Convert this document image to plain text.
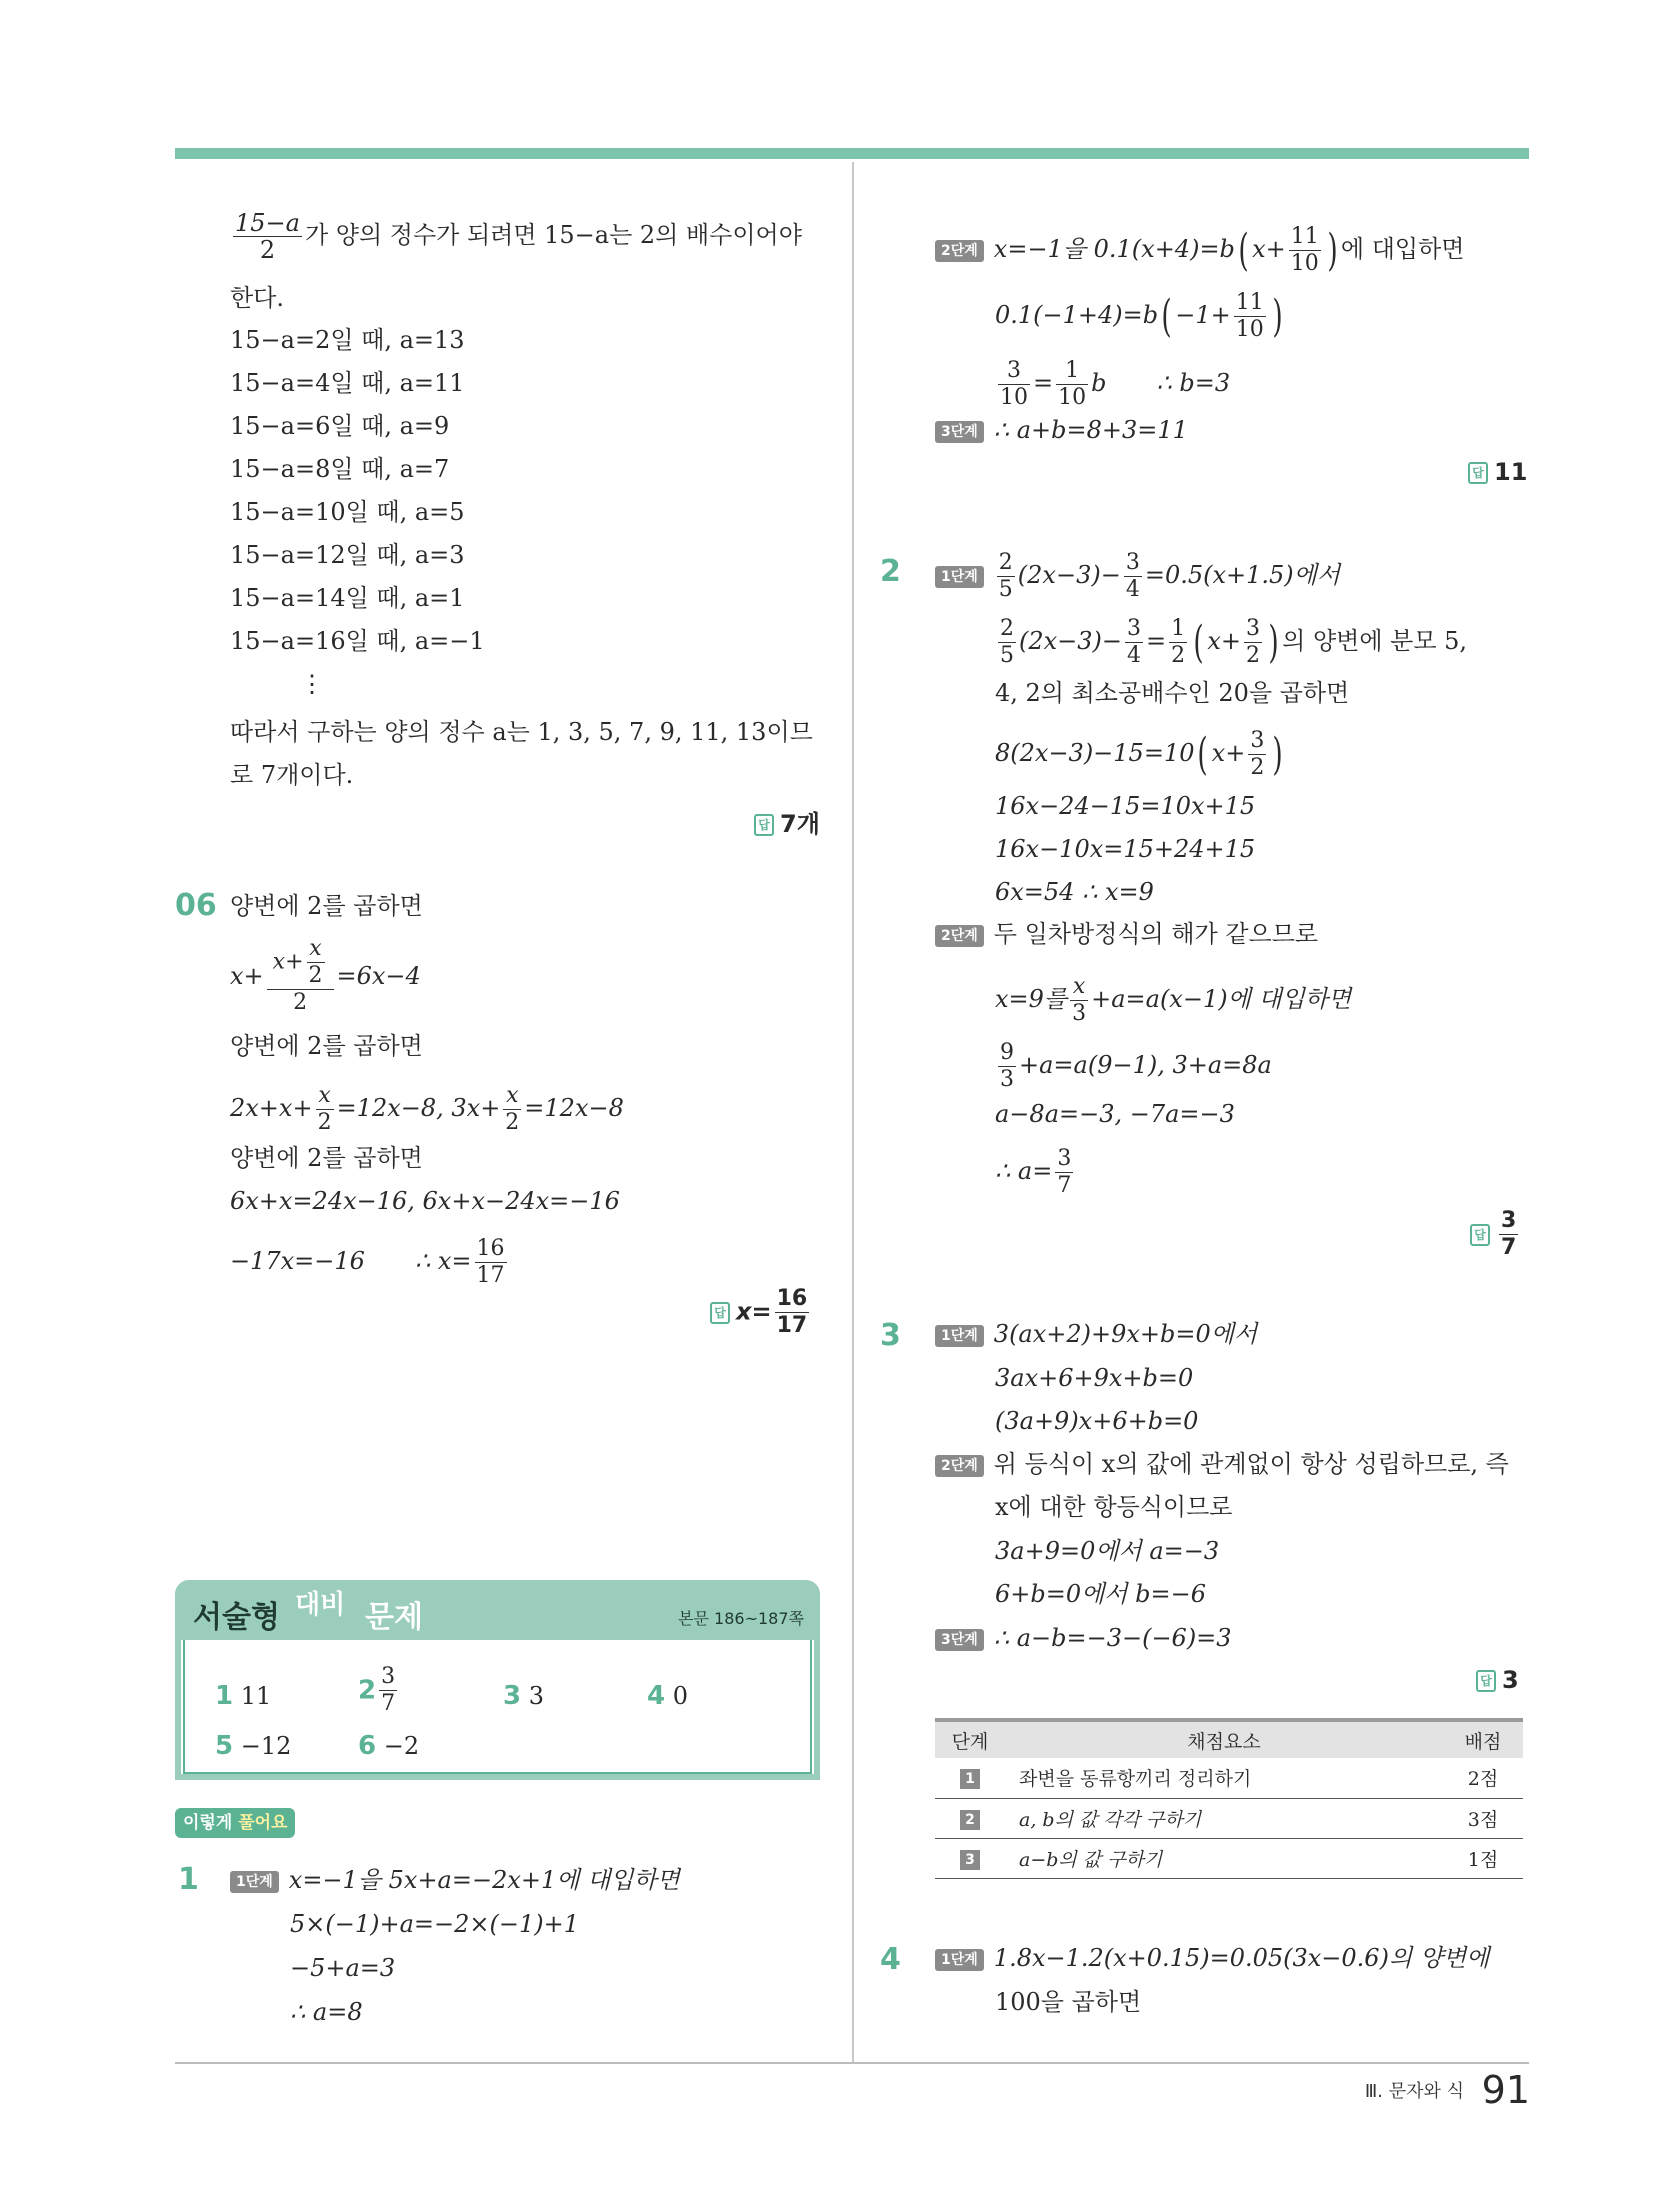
$\frac{15-a}{2}$ 가 양의 정수가 되려면 15−a는 2의 배수이어야
한다.
15−a=2일 때, a=13
15−a=4일 때, a=11
15−a=6일 때, a=9
15−a=8일 때, a=7
15−a=10일 때, a=5
15−a=12일 때, a=3
15−a=14일 때, a=1
15−a=16일 때, a=−1
⋮
따라서 구하는 양의 정수 a는 1, 3, 5, 7, 9, 11, 13이므
로 7개이다.
답 7개
06 양변에 2를 곱하면
$x+ \frac{x+ \frac{x}{2}}{2} =6x-4$
양변에 2를 곱하면
$2x+x+ \frac{x}{2} =12x-8$, $3x+ \frac{x}{2} =12x-8$
양변에 2를 곱하면
6x+x=24x−16, 6x+x−24x=−16
−17x=−16 ∴ $x= \frac{16}{17}$
답 $x= \frac{16}{17}$
서술형 대비 문제	본문 186~187쪽
1 11	$2 \frac{3}{7}$	3 3	4 0
5 −12	6 −2
이렇게 풀어요
1	1단계 x=−1을 5x+a=−2x+1에 대입하면
5×(−1)+a=−2×(−1)+1
−5+a=3
∴ a=8
2단계 x=−1을 0.1(x+4)=b( $x+ \frac{11}{10}$ ) 에 대입하면
$0.1(-1+4)=b( -1+ \frac{11}{10}$ )
$\frac{3}{10} = \frac{1}{10}$ b ∴ b=3
3단계 ∴ a+b=8+3=11
답 11
2	1단계 $\frac{2}{5} (2x-3)- \frac{3}{4} =0.5(x+1.5)$에서
$\frac{2}{5} (2x-3)- \frac{3}{4} = \frac{1}{2}$ ( $x+ \frac{3}{2}$ ) 의 양변에 분모 5,
4, 2의 최소공배수인 20을 곱하면
8(2x−3)−15=10( $x+ \frac{3}{2}$ )
16x−24−15=10x+15
16x−10x=15+24+15
6x=54 ∴ x=9
2단계 두 일차방정식의 해가 같으므로
x=9를 $\frac{x}{3} +a=a(x-1)$에 대입하면
$\frac{9}{3} +a=a(9-1)$, 3+a=8a
a−8a=−3, −7a=−3
∴ $a= \frac{3}{7}$
답 $\frac{3}{7}$
3	1단계 3(ax+2)+9x+b=0에서
3ax+6+9x+b=0
(3a+9)x+6+b=0
2단계 위 등식이 x의 값에 관계없이 항상 성립하므로, 즉
x에 대한 항등식이므로
3a+9=0에서 a=−3
6+b=0에서 b=−6
3단계 ∴ a−b=−3−(−6)=3
답 3
단계	채점요소	배점
1	좌변을 동류항끼리 정리하기	2점
2	a, b의 값 각각 구하기	3점
3	a−b의 값 구하기	1점
4	1단계 1.8x−1.2(x+0.15)=0.05(3x−0.6)의 양변에
100을 곱하면
Ⅲ. 문자와 식 91
